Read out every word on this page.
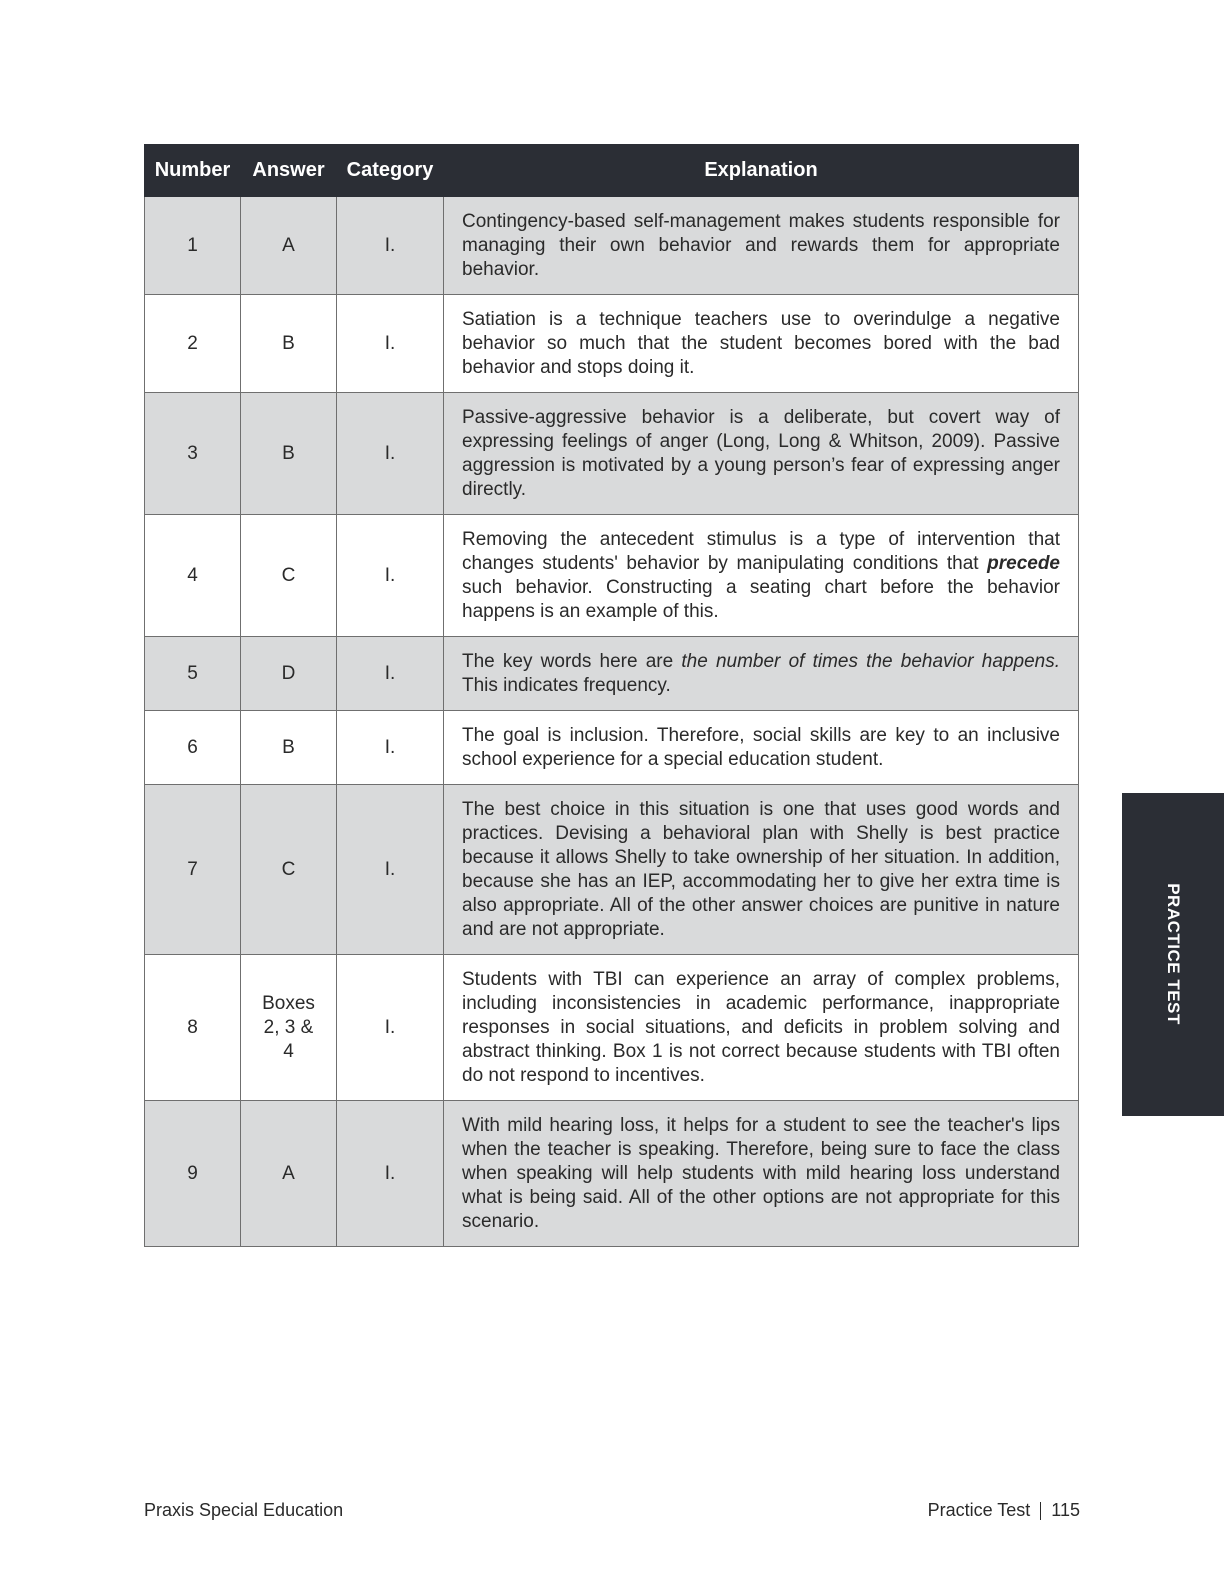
Number	Answer	Category	Explanation
1	A	I.	Contingency-based self-management makes students responsible for managing their own behavior and rewards them for appropriate behavior.
2	B	I.	Satiation is a technique teachers use to overindulge a negative behavior so much that the student becomes bored with the bad behavior and stops doing it.
3	B	I.	Passive-aggressive behavior is a deliberate, but covert way of expressing feelings of anger (Long, Long & Whitson, 2009). Passive aggression is motivated by a young person’s fear of expressing anger directly.
4	C	I.	Removing the antecedent stimulus is a type of intervention that changes students' behavior by manipulating conditions that precede such behavior. Constructing a seating chart before the behavior happens is an example of this.
5	D	I.	The key words here are the number of times the behavior happens. This indicates frequency.
6	B	I.	The goal is inclusion. Therefore, social skills are key to an inclusive school experience for a special education student.
7	C	I.	The best choice in this situation is one that uses good words and practices. Devising a behavioral plan with Shelly is best practice because it allows Shelly to take ownership of her situation. In addition, because she has an IEP, accommodating her to give her extra time is also appropriate. All of the other answer choices are punitive in nature and are not appropriate.
8	Boxes 2, 3 & 4	I.	Students with TBI can experience an array of complex problems, including inconsistencies in academic performance, inappropriate responses in social situations, and deficits in problem solving and abstract thinking. Box 1 is not correct because students with TBI often do not respond to incentives.
9	A	I.	With mild hearing loss, it helps for a student to see the teacher's lips when the teacher is speaking. Therefore, being sure to face the class when speaking will help students with mild hearing loss understand what is being said. All of the other options are not appropriate for this scenario.
PRACTICE TEST
Praxis Special Education	Practice Test 115
